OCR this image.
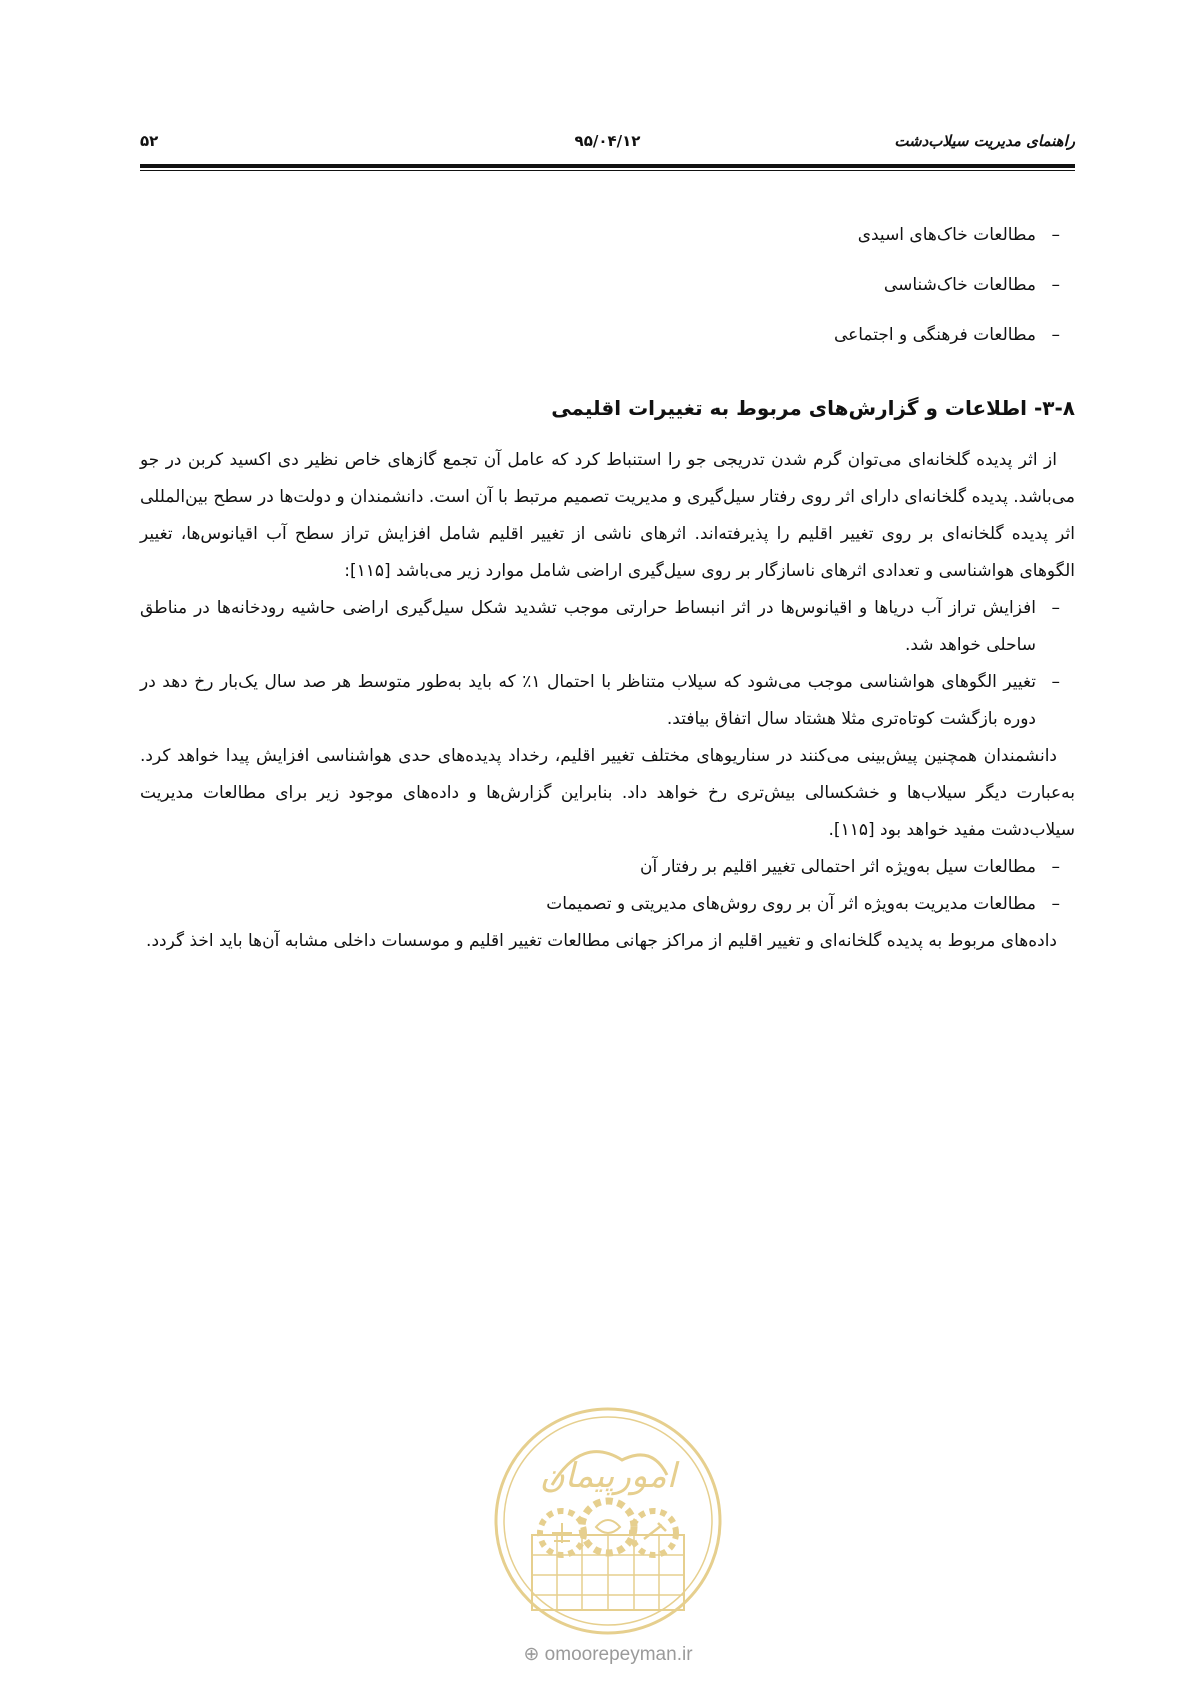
راهنمای مدیریت سیلاب‌دشت
۹۵/۰۴/۱۲
۵۲
– مطالعات خاک‌های اسیدی
– مطالعات خاک‌شناسی
– مطالعات فرهنگی و اجتماعی
۳-۸- اطلاعات و گزارش‌های مربوط به تغییرات اقلیمی

از اثر پدیده گلخانه‌ای می‌توان گرم شدن تدریجی جو را استنباط کرد که عامل آن تجمع گازهای خاص نظیر دی اکسید کربن در جو می‌باشد. پدیده گلخانه‌ای دارای اثر روی رفتار سیل‌گیری و مدیریت تصمیم مرتبط با آن است. دانشمندان و دولت‌ها در سطح بین‌المللی اثر پدیده گلخانه‌ای بر روی تغییر اقلیم را پذیرفته‌اند. اثرهای ناشی از تغییر اقلیم شامل افزایش تراز سطح آب اقیانوس‌ها، تغییر الگوهای هواشناسی و تعدادی اثرهای ناسازگار بر روی سیل‌گیری اراضی شامل موارد زیر می‌باشد [۱۱۵]:

– افزایش تراز آب دریاها و اقیانوس‌ها در اثر انبساط حرارتی موجب تشدید شکل سیل‌گیری اراضی حاشیه رودخانه‌ها در مناطق ساحلی خواهد شد.
– تغییر الگوهای هواشناسی موجب می‌شود که سیلاب متناظر با احتمال ۱٪ که باید به‌طور متوسط هر صد سال یک‌بار رخ دهد در دوره بازگشت کوتاه‌تری مثلا هشتاد سال اتفاق بیافتد.

دانشمندان همچنین پیش‌بینی می‌کنند در سناریوهای مختلف تغییر اقلیم، رخداد پدیده‌های حدی هواشناسی افزایش پیدا خواهد کرد. به‌عبارت دیگر سیلاب‌ها و خشکسالی بیش‌تری رخ خواهد داد. بنابراین گزارش‌ها و داده‌های موجود زیر برای مطالعات مدیریت سیلاب‌دشت مفید خواهد بود [۱۱۵].

– مطالعات سیل به‌ویژه اثر احتمالی تغییر اقلیم بر رفتار آن
– مطالعات مدیریت به‌ویژه اثر آن بر روی روش‌های مدیریتی و تصمیمات

داده‌های مربوط به پدیده گلخانه‌ای و تغییر اقلیم از مراکز جهانی مطالعات تغییر اقلیم و موسسات داخلی مشابه آن‌ها باید اخذ گردد.

امورپیمان
⊕ omoorepeyman.ir
